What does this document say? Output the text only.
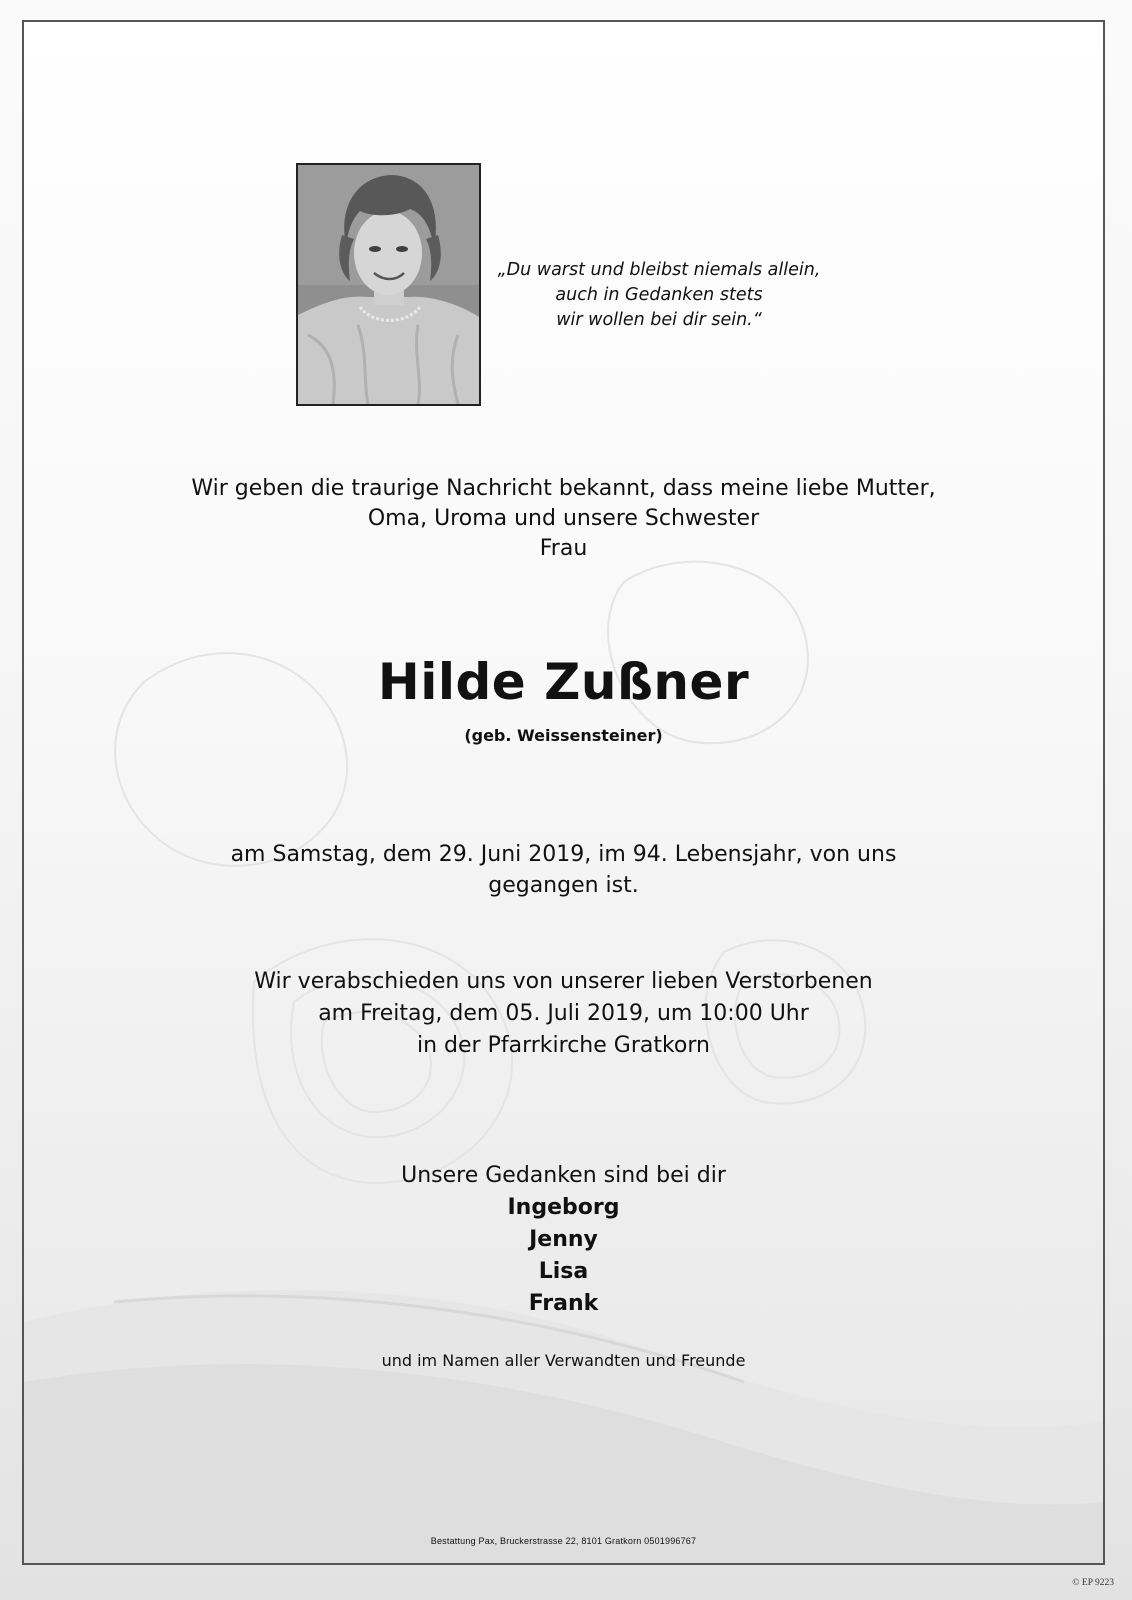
„Du warst und bleibst niemals allein,
auch in Gedanken stets
wir wollen bei dir sein.“
Wir geben die traurige Nachricht bekannt, dass meine liebe Mutter,
Oma, Uroma und unsere Schwester
Frau
Hilde Zußner
(geb. Weissensteiner)
am Samstag, dem 29. Juni 2019, im 94. Lebensjahr, von uns
gegangen ist.
Wir verabschieden uns von unserer lieben Verstorbenen
am Freitag, dem 05. Juli 2019, um 10:00 Uhr
in der Pfarrkirche Gratkorn
Unsere Gedanken sind bei dir
Ingeborg
Jenny
Lisa
Frank
und im Namen aller Verwandten und Freunde
Bestattung Pax, Bruckerstrasse 22, 8101 Gratkorn 0501996767
© EP 9223
